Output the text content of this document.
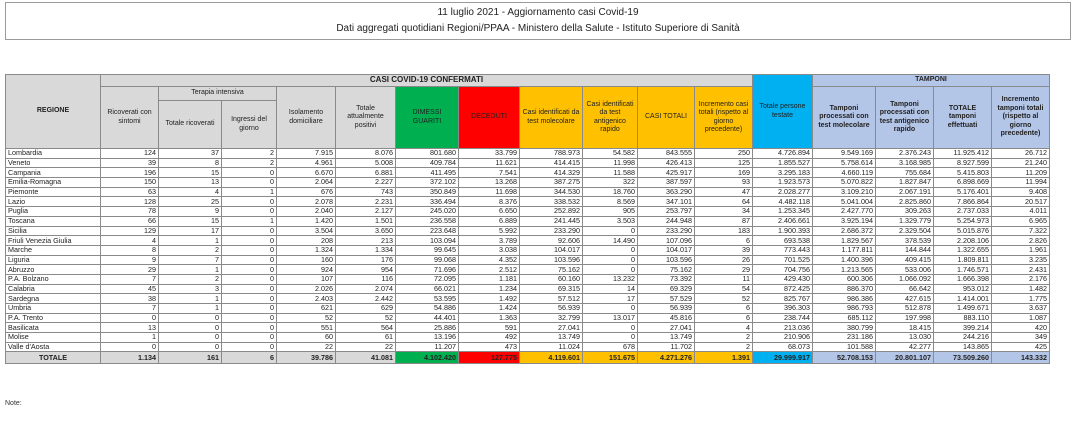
11 luglio 2021 - Aggiornamento casi Covid-19
Dati aggregati quotidiani Regioni/PPAA - Ministero della Salute - Istituto Superiore di Sanità
REGIONE	CASI COVID-19 CONFERMATI											Totale persone testate	TAMPONI			
	Ricoverati con sintomi	Terapia intensiva		Isolamento domiciliare	Totale attualmente positivi	DIMESSI GUARITI	DECEDUTI	Casi identificati da test molecolare	Casi identificati da test antigenico rapido	CASI TOTALI	Incremento casi totali (rispetto al giorno precedente)		Tamponi processati con test molecolare	Tamponi processati con test antigenico rapido	TOTALE tamponi effettuati	Incremento tamponi totali (rispetto al giorno precedente)
		Totale ricoverati	Ingressi del giorno													
Lombardia	124	37	2	7.915	8.076	801.680	33.799	788.973	54.582	843.555	250	4.726.894	9.549.169	2.376.243	11.925.412	26.712
Veneto	39	8	2	4.961	5.008	409.784	11.621	414.415	11.998	426.413	125	1.855.527	5.758.614	3.168.985	8.927.599	21.240
Campania	196	15	0	6.670	6.881	411.495	7.541	414.329	11.588	425.917	169	3.295.183	4.660.119	755.684	5.415.803	11.209
Emilia-Romagna	150	13	0	2.064	2.227	372.102	13.268	387.275	322	387.597	93	1.923.573	5.070.822	1.827.847	6.898.669	11.994
Piemonte	63	4	1	676	743	350.849	11.698	344.530	18.760	363.290	47	2.028.277	3.109.210	2.067.191	5.176.401	9.408
Lazio	128	25	0	2.078	2.231	336.494	8.376	338.532	8.569	347.101	64	4.482.118	5.041.004	2.825.860	7.866.864	20.517
Puglia	78	9	0	2.040	2.127	245.020	6.650	252.892	905	253.797	34	1.253.345	2.427.770	309.263	2.737.033	4.011
Toscana	66	15	1	1.420	1.501	236.558	6.889	241.445	3.503	244.948	87	2.406.661	3.925.194	1.329.779	5.254.973	6.965
Sicilia	129	17	0	3.504	3.650	223.648	5.992	233.290	0	233.290	183	1.900.393	2.686.372	2.329.504	5.015.876	7.322
Friuli Venezia Giulia	4	1	0	208	213	103.094	3.789	92.606	14.490	107.096	6	693.538	1.829.567	378.539	2.208.106	2.826
Marche	8	2	0	1.324	1.334	99.645	3.038	104.017	0	104.017	39	773.443	1.177.811	144.844	1.322.655	1.961
Liguria	9	7	0	160	176	99.068	4.352	103.596	0	103.596	26	701.525	1.400.396	409.415	1.809.811	3.235
Abruzzo	29	1	0	924	954	71.696	2.512	75.162	0	75.162	29	704.756	1.213.565	533.006	1.746.571	2.431
P.A. Bolzano	7	2	0	107	116	72.095	1.181	60.160	13.232	73.392	11	429.430	600.306	1.066.092	1.666.398	2.176
Calabria	45	3	0	2.026	2.074	66.021	1.234	69.315	14	69.329	54	872.425	886.370	66.642	953.012	1.482
Sardegna	38	1	0	2.403	2.442	53.595	1.492	57.512	17	57.529	52	825.767	986.386	427.615	1.414.001	1.775
Umbria	7	1	0	621	629	54.886	1.424	56.939	0	56.939	6	396.303	986.793	512.878	1.499.671	3.637
P.A. Trento	0	0	0	52	52	44.401	1.363	32.799	13.017	45.816	6	238.744	685.112	197.998	883.110	1.087
Basilicata	13	0	0	551	564	25.886	591	27.041	0	27.041	4	213.036	380.799	18.415	399.214	420
Molise	1	0	0	60	61	13.196	492	13.749	0	13.749	2	210.906	231.186	13.030	244.216	349
Valle d'Aosta	0	0	0	22	22	11.207	473	11.024	678	11.702	2	68.073	101.588	42.277	143.865	425
TOTALE	1.134	161	6	39.786	41.081	4.102.420	127.775	4.119.601	151.675	4.271.276	1.391	29.999.917	52.708.153	20.801.107	73.509.260	143.332
Note:
